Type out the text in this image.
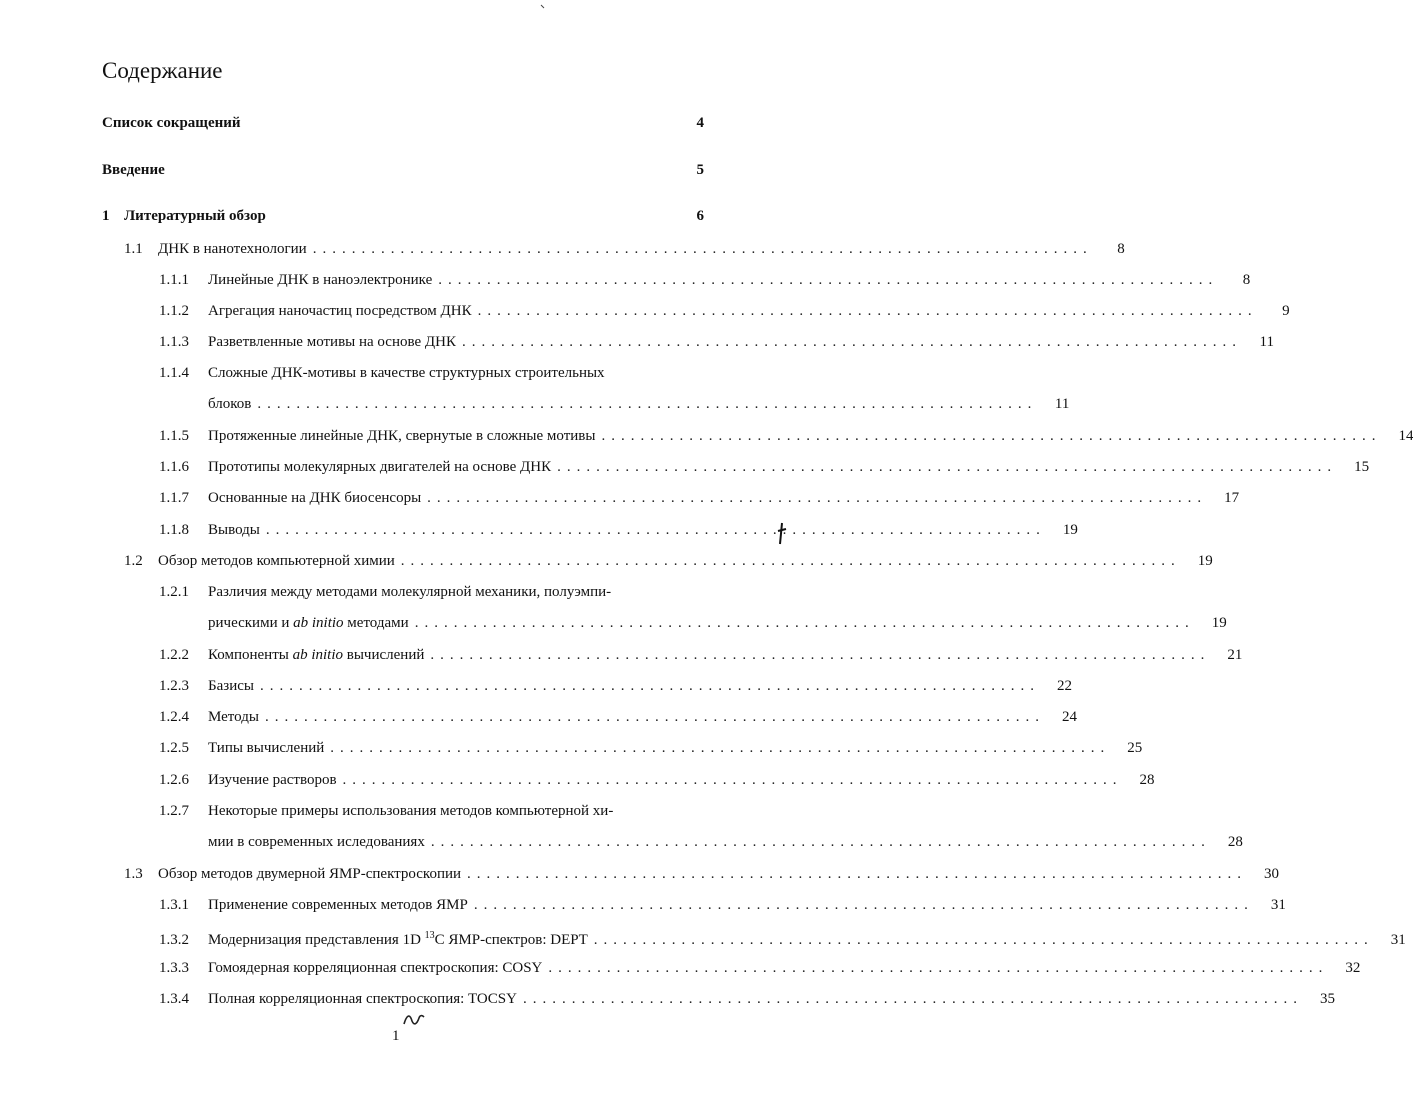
Содержание
Список сокращений	4
Введение	5
1 Литературный обзор	6
1.1	ДНК в нанотехнологии ................................................................................	8
1.1.1	Линейные ДНК в наноэлектронике ................................................................................	8
1.1.2	Агрегация наночастиц посредством ДНК ................................................................................	9
1.1.3	Разветвленные мотивы на основе ДНК ................................................................................	11
1.1.4 Сложные ДНК-мотивы в качестве структурных строительных
блоков ................................................................................	11
1.1.5	Протяженные линейные ДНК, свернутые в сложные мотивы ................................................................................	14
1.1.6	Прототипы молекулярных двигателей на основе ДНК ................................................................................	15
1.1.7	Основанные на ДНК биосенсоры ................................................................................	17
1.1.8	Выводы ................................................................................	19
1.2	Обзор методов компьютерной химии ................................................................................	19
1.2.1 Различия между методами молекулярной механики, полуэмпи-
рическими и ab initio методами ................................................................................	19
1.2.2	Компоненты ab initio вычислений ................................................................................	21
1.2.3	Базисы ................................................................................	22
1.2.4	Методы ................................................................................	24
1.2.5	Типы вычислений ................................................................................	25
1.2.6	Изучение растворов ................................................................................	28
1.2.7 Некоторые примеры использования методов компьютерной хи-
мии в современных иследованиях ................................................................................	28
1.3	Обзор методов двумерной ЯМР-спектроскопии ................................................................................	30
1.3.1	Применение современных методов ЯМР ................................................................................	31
1.3.2	Модернизация представления 1D $^{13}$C ЯМР-спектров: DEPT ................................................................................	31
1.3.3	Гомоядерная корреляционная спектроскопия: COSY ................................................................................	32
1.3.4	Полная корреляционная спектроскопия: TOCSY ................................................................................	35
1
